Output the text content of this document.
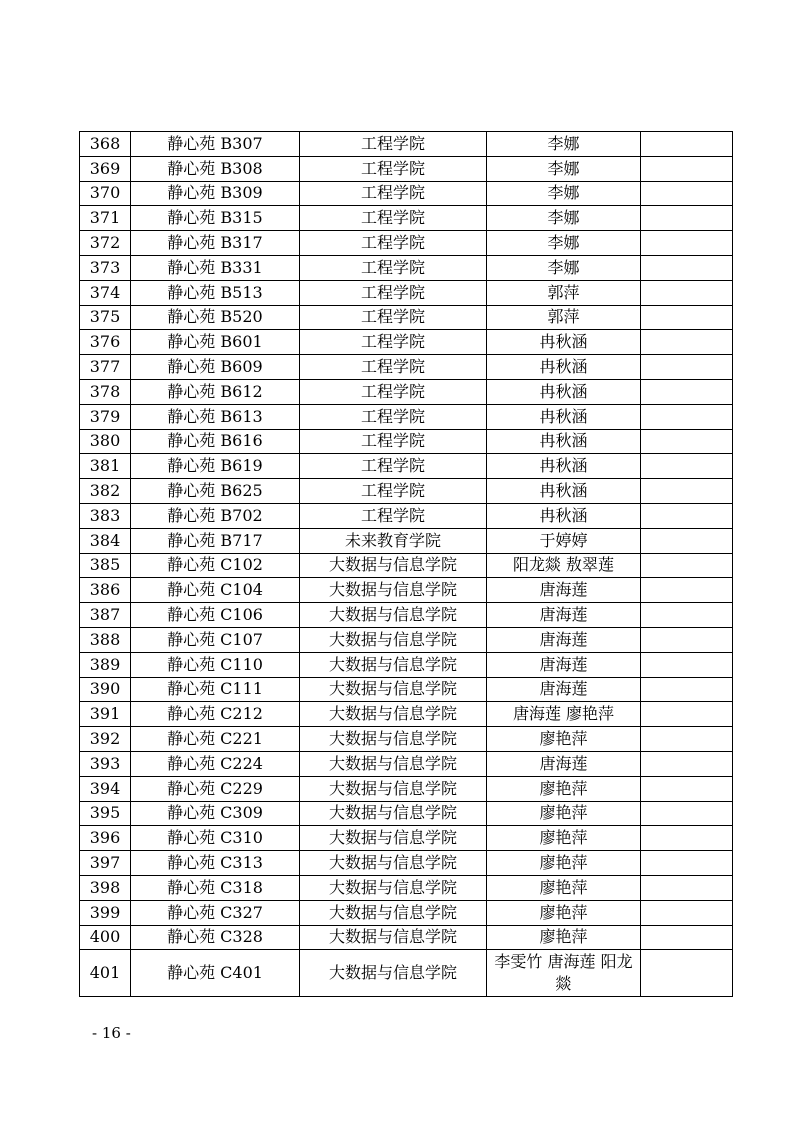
368	静心苑 B307	工程学院	李娜	
369	静心苑 B308	工程学院	李娜	
370	静心苑 B309	工程学院	李娜	
371	静心苑 B315	工程学院	李娜	
372	静心苑 B317	工程学院	李娜	
373	静心苑 B331	工程学院	李娜	
374	静心苑 B513	工程学院	郭萍	
375	静心苑 B520	工程学院	郭萍	
376	静心苑 B601	工程学院	冉秋涵	
377	静心苑 B609	工程学院	冉秋涵	
378	静心苑 B612	工程学院	冉秋涵	
379	静心苑 B613	工程学院	冉秋涵	
380	静心苑 B616	工程学院	冉秋涵	
381	静心苑 B619	工程学院	冉秋涵	
382	静心苑 B625	工程学院	冉秋涵	
383	静心苑 B702	工程学院	冉秋涵	
384	静心苑 B717	未来教育学院	于婷婷	
385	静心苑 C102	大数据与信息学院	阳龙燚 敖翠莲	
386	静心苑 C104	大数据与信息学院	唐海莲	
387	静心苑 C106	大数据与信息学院	唐海莲	
388	静心苑 C107	大数据与信息学院	唐海莲	
389	静心苑 C110	大数据与信息学院	唐海莲	
390	静心苑 C111	大数据与信息学院	唐海莲	
391	静心苑 C212	大数据与信息学院	唐海莲 廖艳萍	
392	静心苑 C221	大数据与信息学院	廖艳萍	
393	静心苑 C224	大数据与信息学院	唐海莲	
394	静心苑 C229	大数据与信息学院	廖艳萍	
395	静心苑 C309	大数据与信息学院	廖艳萍	
396	静心苑 C310	大数据与信息学院	廖艳萍	
397	静心苑 C313	大数据与信息学院	廖艳萍	
398	静心苑 C318	大数据与信息学院	廖艳萍	
399	静心苑 C327	大数据与信息学院	廖艳萍	
400	静心苑 C328	大数据与信息学院	廖艳萍	
401	静心苑 C401	大数据与信息学院	李雯竹 唐海莲 阳龙燚	
- 16 -
